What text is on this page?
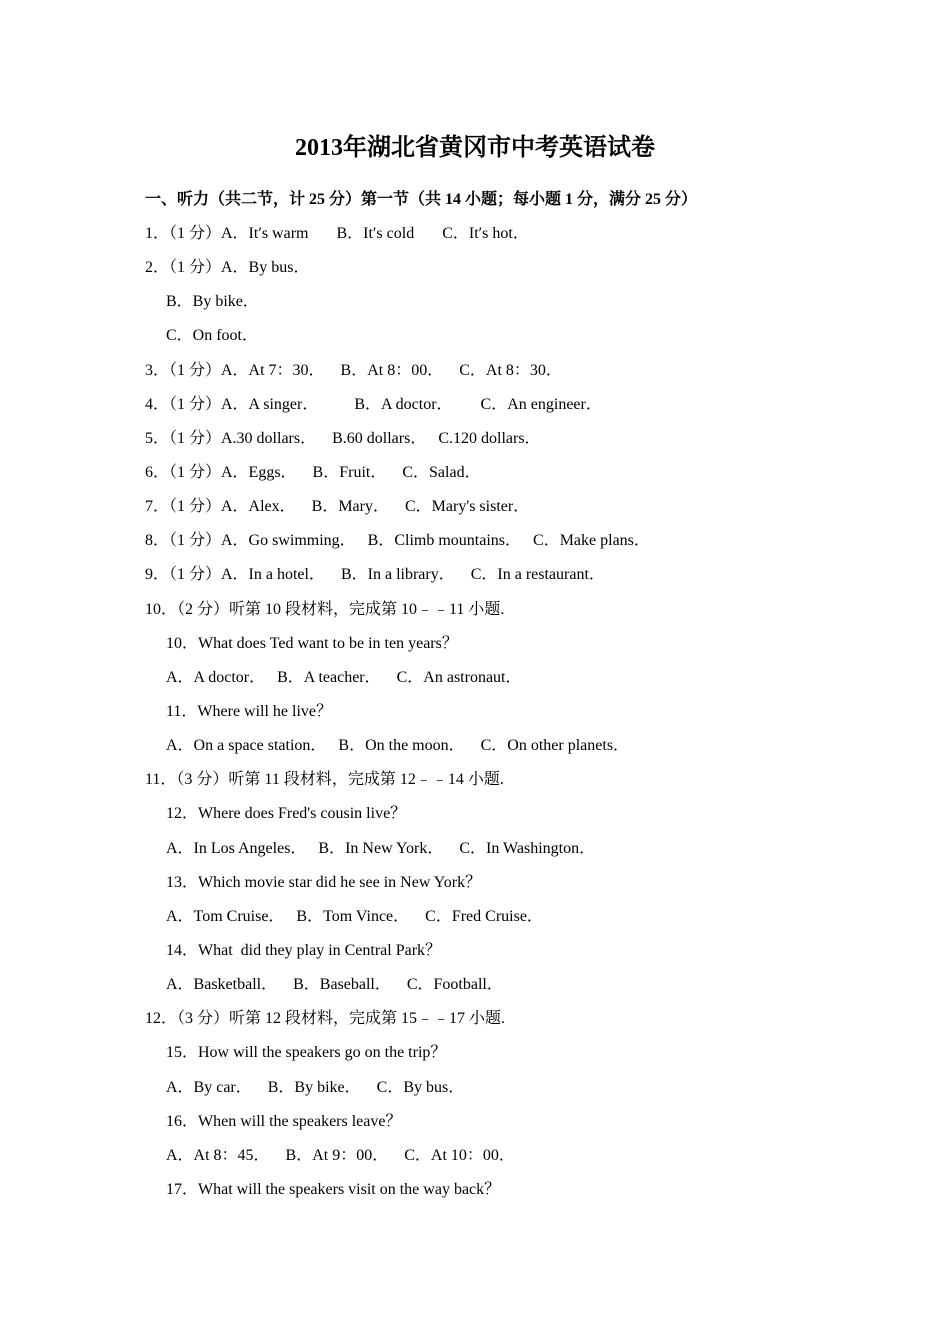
2013年湖北省黄冈市中考英语试卷
一、听力（共二节，计 25 分）第一节（共 14 小题；每小题 1 分，满分 25 分）
1．（1 分）A．It′s warm       B．It′s cold       C．It′s hot．
2．（1 分）A．By bus．
B．By bike．
C．On foot．
3．（1 分）A．At 7：30．    B．At 8：00．    C．At 8：30．
4．（1 分）A．A singer．         B．A doctor．       C．An engineer．
5．（1 分）A.30 dollars．    B.60 dollars．   C.120 dollars．
6．（1 分）A．Eggs．    B．Fruit．    C．Salad．
7．（1 分）A．Alex．    B．Mary．    C．Mary's sister．
8．（1 分）A．Go swimming．   B．Climb mountains．   C．Make plans．
9．（1 分）A．In a hotel．    B．In a library．    C．In a restaurant．
10．（2 分）听第 10 段材料，完成第 10﹣﹣11 小题.
10．What does Ted want to be in ten years？
A．A doctor．   B．A teacher．    C．An astronaut．
11．Where will he live？
A．On a space station．   B．On the moon．    C．On other planets．
11．（3 分）听第 11 段材料，完成第 12﹣﹣14 小题.
12．Where does Fred's cousin live？
A．In Los Angeles．   B．In New York．    C．In Washington．
13．Which movie star did he see in New York？
A．Tom Cruise．   B．Tom Vince．    C．Fred Cruise．
14．What  did they play in Central Park？
A．Basketball．    B．Baseball．    C．Football．
12．（3 分）听第 12 段材料，完成第 15﹣﹣17 小题.
15．How will the speakers go on the trip？
A．By car．    B．By bike．    C．By bus．
16．When will the speakers leave？
A．At 8：45．    B．At 9：00．    C．At 10：00．
17．What will the speakers visit on the way back？
